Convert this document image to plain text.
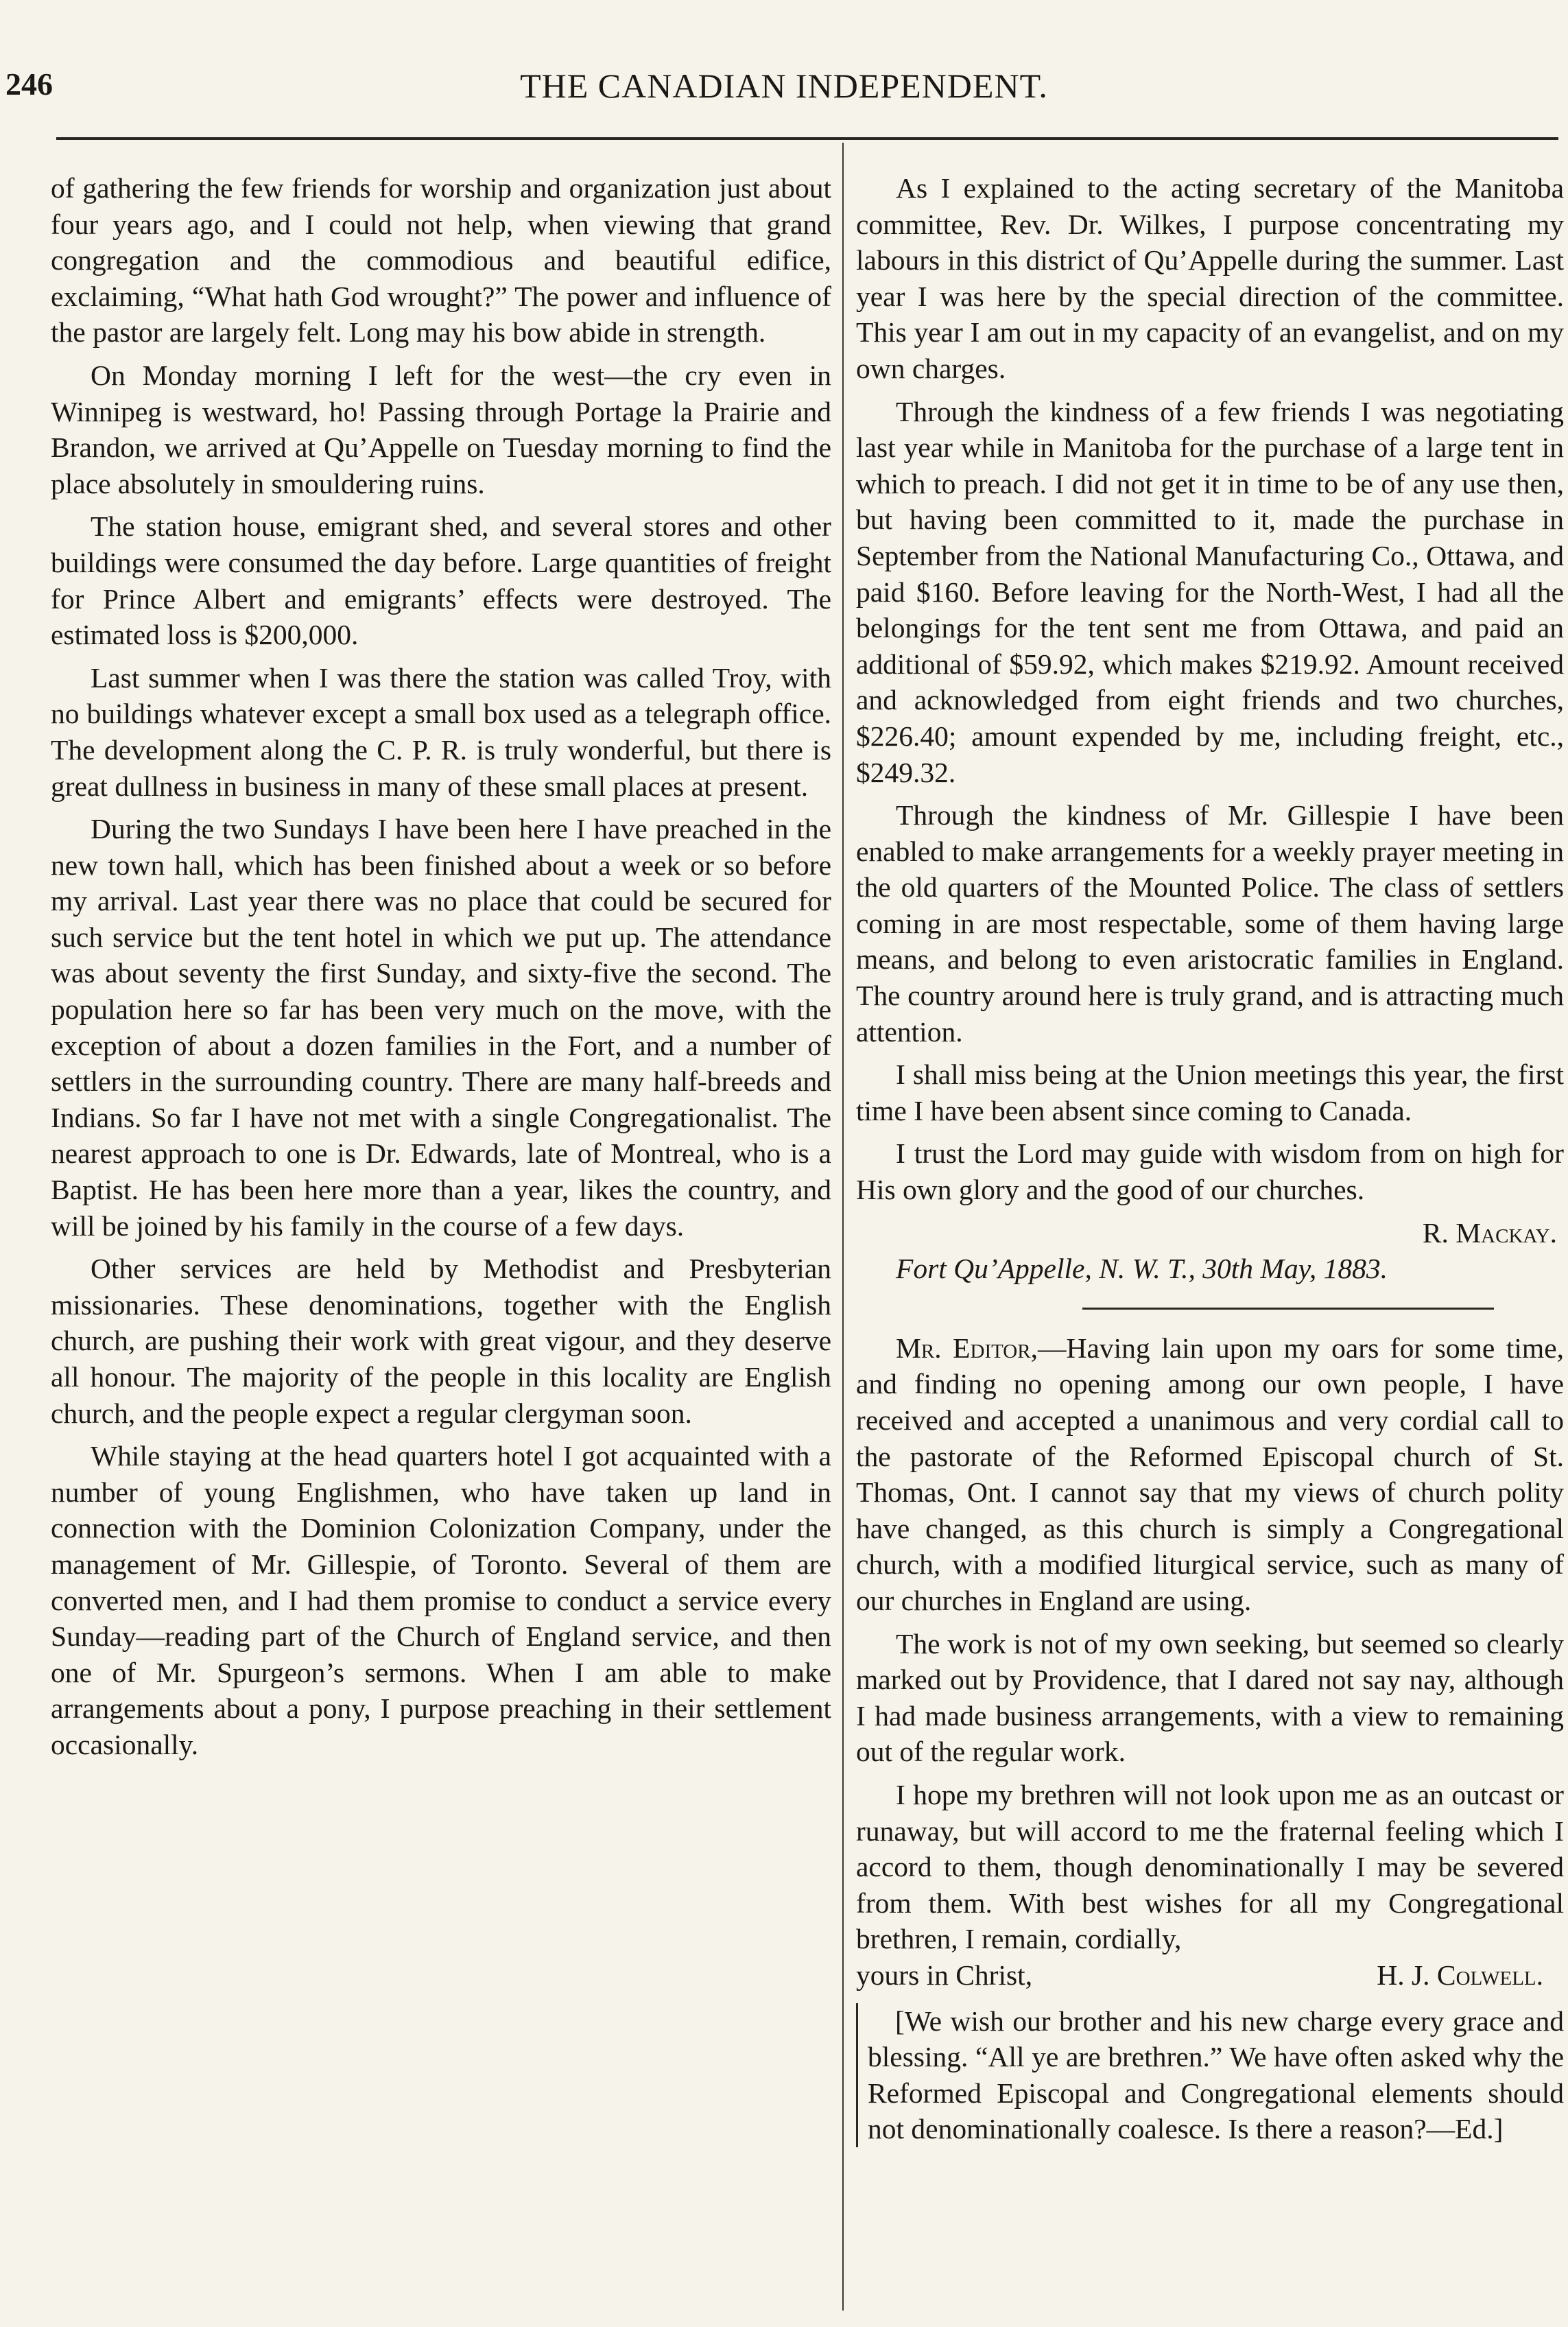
246	THE CANADIAN INDEPENDENT.

of gathering the few friends for worship and organization just about four years ago, and I could not help, when viewing that grand congregation and the commodious and beautiful edifice, exclaiming, “What hath God wrought?” The power and influence of the pastor are largely felt. Long may his bow abide in strength.

On Monday morning I left for the west—the cry even in Winnipeg is westward, ho! Passing through Portage la Prairie and Brandon, we arrived at Qu’Appelle on Tuesday morning to find the place absolutely in smouldering ruins.

The station house, emigrant shed, and several stores and other buildings were consumed the day before. Large quantities of freight for Prince Albert and emigrants’ effects were destroyed. The estimated loss is $200,000.

Last summer when I was there the station was called Troy, with no buildings whatever except a small box used as a telegraph office. The development along the C. P. R. is truly wonderful, but there is great dullness in business in many of these small places at present.

During the two Sundays I have been here I have preached in the new town hall, which has been finished about a week or so before my arrival. Last year there was no place that could be secured for such service but the tent hotel in which we put up. The attendance was about seventy the first Sunday, and sixty-five the second. The population here so far has been very much on the move, with the exception of about a dozen families in the Fort, and a number of settlers in the surrounding country. There are many half-breeds and Indians. So far I have not met with a single Congregationalist. The nearest approach to one is Dr. Edwards, late of Montreal, who is a Baptist. He has been here more than a year, likes the country, and will be joined by his family in the course of a few days.

Other services are held by Methodist and Presbyterian missionaries. These denominations, together with the English church, are pushing their work with great vigour, and they deserve all honour. The majority of the people in this locality are English church, and the people expect a regular clergyman soon.

While staying at the head quarters hotel I got acquainted with a number of young Englishmen, who have taken up land in connection with the Dominion Colonization Company, under the management of Mr. Gillespie, of Toronto. Several of them are converted men, and I had them promise to conduct a service every Sunday—reading part of the Church of England service, and then one of Mr. Spurgeon’s sermons. When I am able to make arrangements about a pony, I purpose preaching in their settlement occasionally.

As I explained to the acting secretary of the Manitoba committee, Rev. Dr. Wilkes, I purpose concentrating my labours in this district of Qu’Appelle during the summer. Last year I was here by the special direction of the committee. This year I am out in my capacity of an evangelist, and on my own charges.

Through the kindness of a few friends I was negotiating last year while in Manitoba for the purchase of a large tent in which to preach. I did not get it in time to be of any use then, but having been committed to it, made the purchase in September from the National Manufacturing Co., Ottawa, and paid $160. Before leaving for the North-West, I had all the belongings for the tent sent me from Ottawa, and paid an additional of $59.92, which makes $219.92. Amount received and acknowledged from eight friends and two churches, $226.40; amount expended by me, including freight, etc., $249.32.

Through the kindness of Mr. Gillespie I have been enabled to make arrangements for a weekly prayer meeting in the old quarters of the Mounted Police. The class of settlers coming in are most respectable, some of them having large means, and belong to even aristocratic families in England. The country around here is truly grand, and is attracting much attention.

I shall miss being at the Union meetings this year, the first time I have been absent since coming to Canada.

I trust the Lord may guide with wisdom from on high for His own glory and the good of our churches.

R. Mackay.
Fort Qu’Appelle, N. W. T., 30th May, 1883.

Mr. Editor,—Having lain upon my oars for some time, and finding no opening among our own people, I have received and accepted a unanimous and very cordial call to the pastorate of the Reformed Episcopal church of St. Thomas, Ont. I cannot say that my views of church polity have changed, as this church is simply a Congregational church, with a modified liturgical service, such as many of our churches in England are using.

The work is not of my own seeking, but seemed so clearly marked out by Providence, that I dared not say nay, although I had made business arrangements, with a view to remaining out of the regular work.

I hope my brethren will not look upon me as an outcast or runaway, but will accord to me the fraternal feeling which I accord to them, though denominationally I may be severed from them. With best wishes for all my Congregational brethren, I remain, cordially,

yours in Christ,	H. J. Colwell.

[We wish our brother and his new charge every grace and blessing. “All ye are brethren.” We have often asked why the Reformed Episcopal and Congregational elements should not denominationally coalesce. Is there a reason?—Ed.]
